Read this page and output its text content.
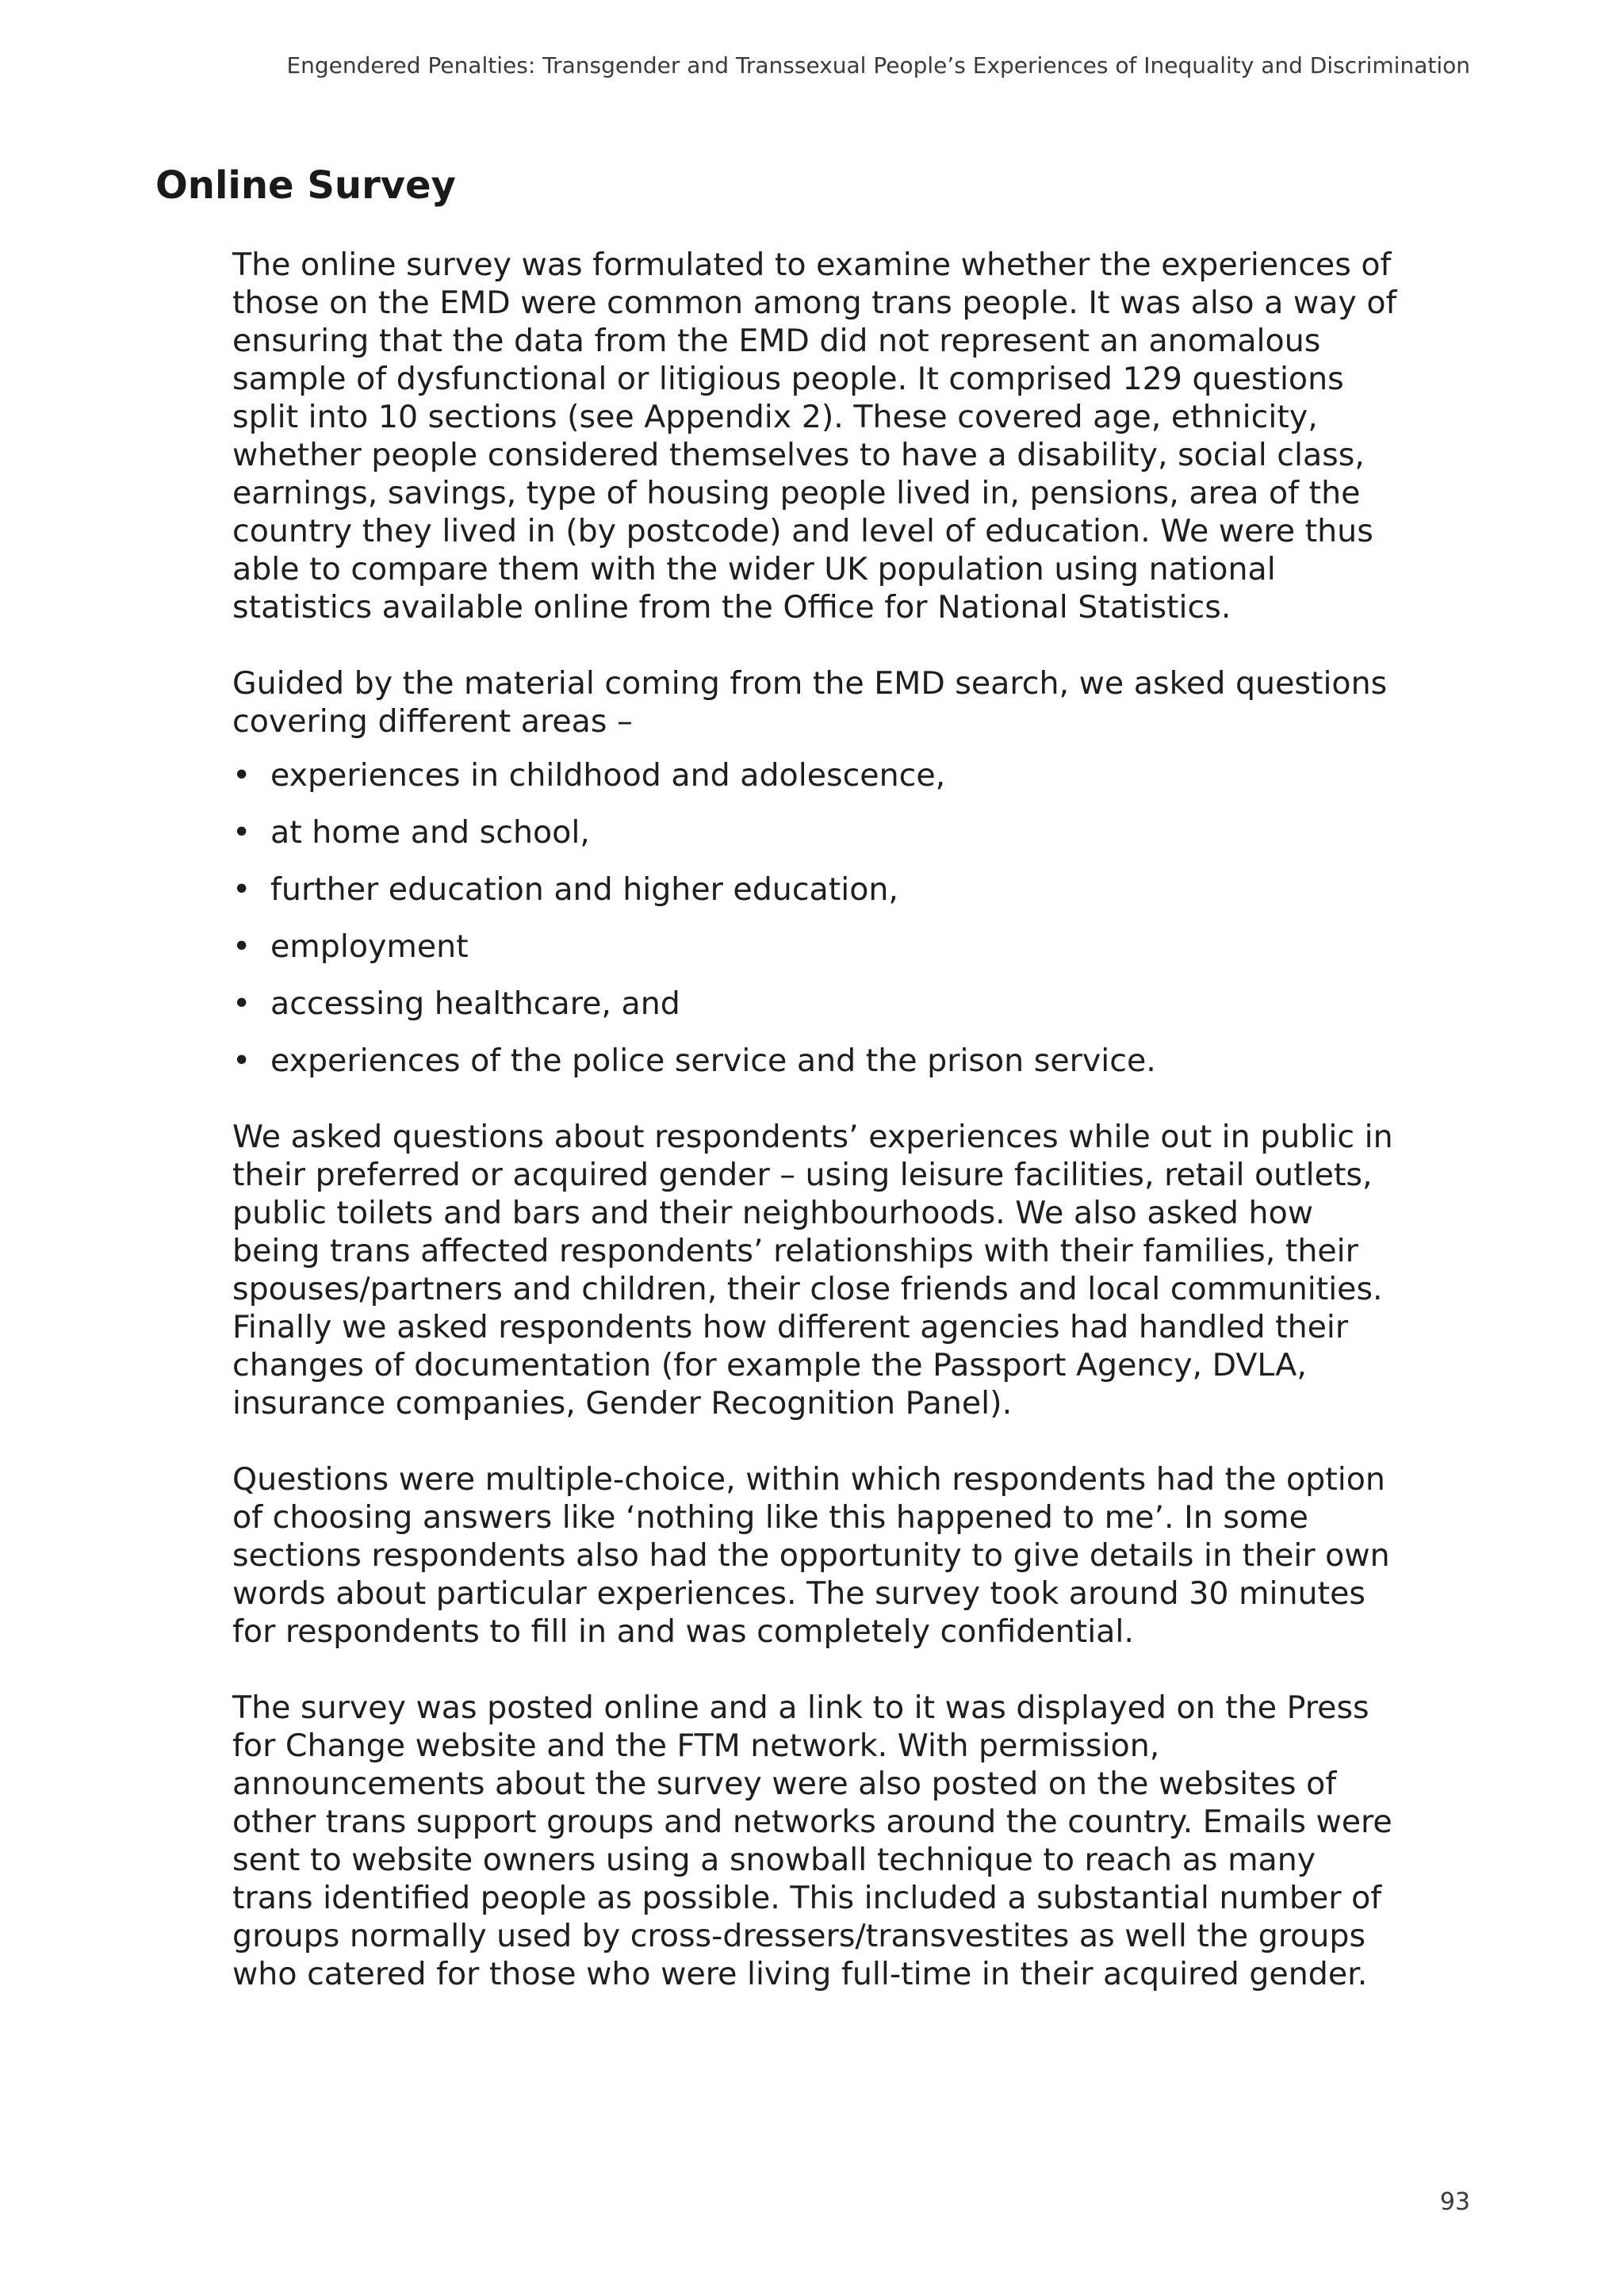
Engendered Penalties: Transgender and Transsexual People’s Experiences of Inequality and Discrimination
Online Survey

The online survey was formulated to examine whether the experiences of those on the EMD were common among trans people. It was also a way of ensuring that the data from the EMD did not represent an anomalous sample of dysfunctional or litigious people. It comprised 129 questions split into 10 sections (see Appendix 2). These covered age, ethnicity, whether people considered themselves to have a disability, social class, earnings, savings, type of housing people lived in, pensions, area of the country they lived in (by postcode) and level of education. We were thus able to compare them with the wider UK population using national statistics available online from the Office for National Statistics.

Guided by the material coming from the EMD search, we asked questions covering different areas –

• experiences in childhood and adolescence,
• at home and school,
• further education and higher education,
• employment
• accessing healthcare, and
• experiences of the police service and the prison service.

We asked questions about respondents’ experiences while out in public in their preferred or acquired gender – using leisure facilities, retail outlets, public toilets and bars and their neighbourhoods. We also asked how being trans affected respondents’ relationships with their families, their spouses/partners and children, their close friends and local communities. Finally we asked respondents how different agencies had handled their changes of documentation (for example the Passport Agency, DVLA, insurance companies, Gender Recognition Panel).

Questions were multiple-choice, within which respondents had the option of choosing answers like ‘nothing like this happened to me’. In some sections respondents also had the opportunity to give details in their own words about particular experiences. The survey took around 30 minutes for respondents to fill in and was completely confidential.

The survey was posted online and a link to it was displayed on the Press for Change website and the FTM network. With permission, announcements about the survey were also posted on the websites of other trans support groups and networks around the country. Emails were sent to website owners using a snowball technique to reach as many trans identified people as possible. This included a substantial number of groups normally used by cross-dressers/transvestites as well the groups who catered for those who were living full-time in their acquired gender.

93
